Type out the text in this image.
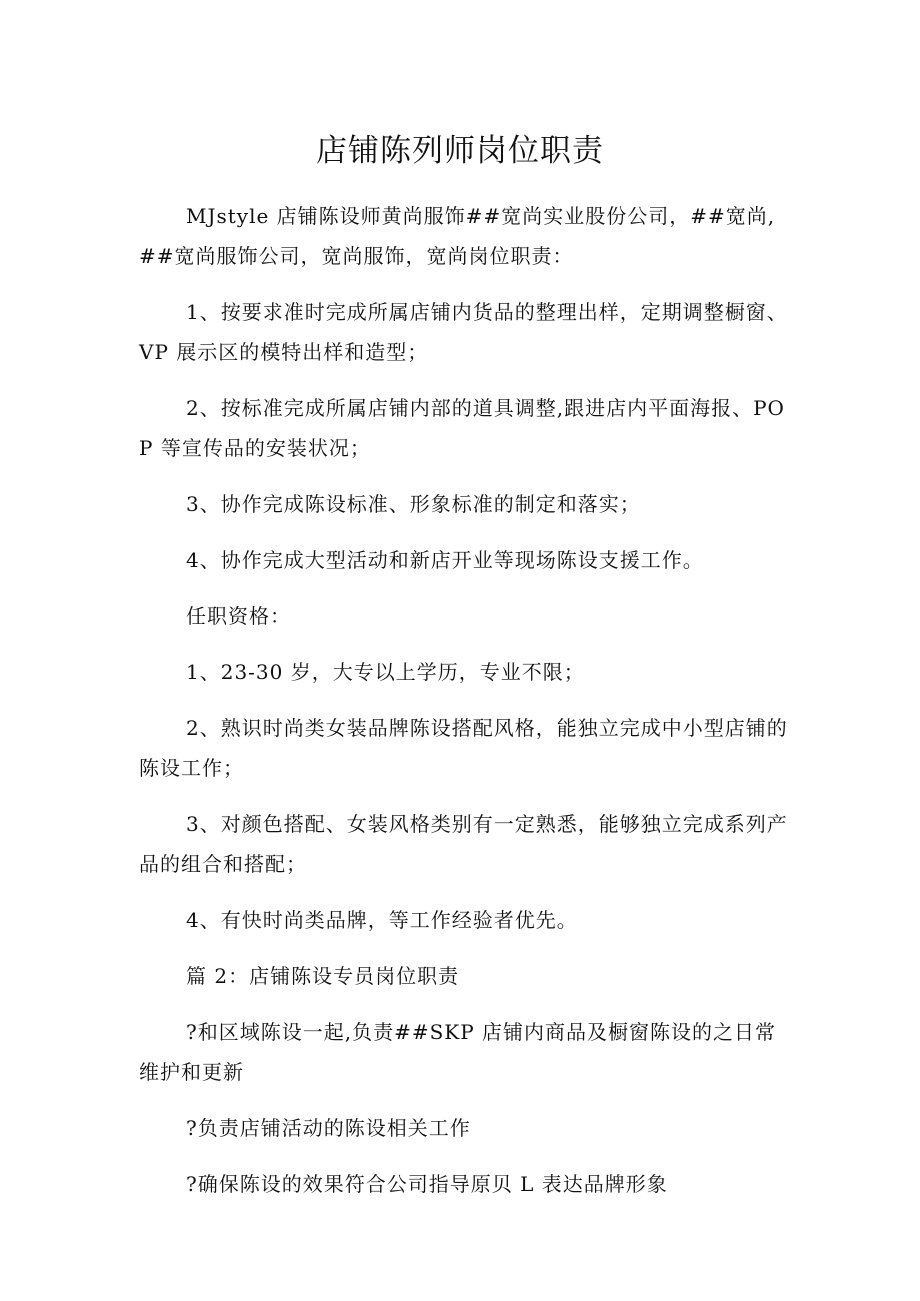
店铺陈列师岗位职责

MJstyle 店铺陈设师黄尚服饰##宽尚实业股份公司，##宽尚,##宽尚服饰公司，宽尚服饰，宽尚岗位职责：

1、按要求准时完成所属店铺内货品的整理出样，定期调整橱窗、VP 展示区的模特出样和造型；

2、按标准完成所属店铺内部的道具调整,跟进店内平面海报、POP 等宣传品的安装状况；

3、协作完成陈设标准、形象标准的制定和落实；

4、协作完成大型活动和新店开业等现场陈设支援工作。

任职资格：

1、23-30 岁，大专以上学历，专业不限；

2、熟识时尚类女装品牌陈设搭配风格，能独立完成中小型店铺的陈设工作；

3、对颜色搭配、女装风格类别有一定熟悉，能够独立完成系列产品的组合和搭配；

4、有快时尚类品牌，等工作经验者优先。

篇 2：店铺陈设专员岗位职责

?和区域陈设一起,负责##SKP 店铺内商品及橱窗陈设的之日常维护和更新

?负责店铺活动的陈设相关工作

?确保陈设的效果符合公司指导原贝 L 表达品牌形象
